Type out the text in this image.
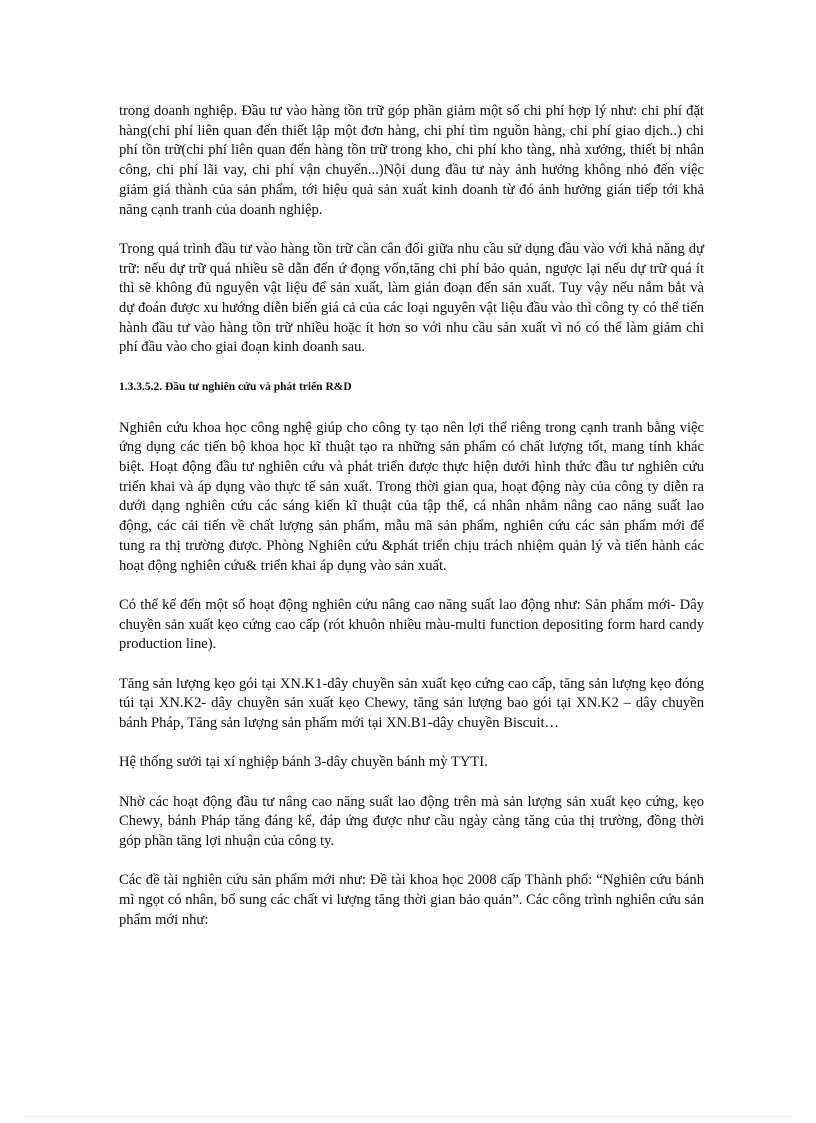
trong doanh nghiệp. Đầu tư vào hàng tồn trữ góp phần giảm một số chi phí hợp lý như: chi phí đặt hàng(chi phí liên quan đến thiết lập một đơn hàng, chi phí tìm nguồn hàng, chi phí giao dịch..) chi phí tồn trữ(chi phí liên quan đến hàng tồn trữ trong kho, chi phí kho tàng, nhà xưởng, thiết bị nhân công, chi phí lãi vay, chi phí vận chuyển...)Nội dung đầu tư này ảnh hưởng không nhỏ đến việc giảm giá thành của sản phẩm, tới hiệu quả sản xuất kinh doanh từ đó ảnh hưởng gián tiếp tới khả năng cạnh tranh của doanh nghiệp.

Trong quá trình đầu tư vào hàng tồn trữ cần cân đối giữa nhu cầu sử dụng đầu vào với khả năng dự trữ: nếu dự trữ quá nhiều sẽ dẫn đến ứ đọng vốn,tăng chi phí bảo quản, ngược lại nếu dự trữ quá ít thì sẽ không đủ nguyên vật liệu để sản xuất, làm gián đoạn đến sản xuất. Tuy vậy nếu nắm bắt và dự đoán được xu hướng diễn biến giá cả của các loại nguyên vật liệu đầu vào thì công ty có thể tiến hành đầu tư vào hàng tồn trữ nhiều hoặc ít hơn so với nhu cầu sản xuất vì nó có thể làm giảm chi phí đầu vào cho giai đoạn kinh doanh sau.

1.3.3.5.2. Đầu tư nghiên cứu và phát triển R&D

Nghiên cứu khoa học công nghệ giúp cho công ty tạo nên lợi thế riêng trong cạnh tranh bằng việc ứng dụng các tiến bộ khoa học kĩ thuật tạo ra những sản phẩm có chất lượng tốt, mang tính khác biệt. Hoạt động đầu tư nghiên cứu và phát triển được thực hiện dưới hình thức đầu tư nghiên cứu triển khai và áp dụng vào thực tế sản xuất. Trong thời gian qua, hoạt động này của công ty diễn ra dưới dạng nghiên cứu các sáng kiến kĩ thuật của tập thể, cá nhân nhằm nâng cao năng suất lao động, các cải tiến về chất lượng sản phẩm, mẫu mã sản phẩm, nghiên cứu các sản phẩm mới để tung ra thị trường được. Phòng Nghiên cứu &phát triển chịu trách nhiệm quản lý và tiến hành các hoạt động nghiên cứu& triển khai áp dụng vào sản xuất.

Có thể kể đến một số hoạt động nghiên cứu nâng cao năng suất lao động như: Sản phẩm mới- Dây chuyền sản xuất kẹo cứng cao cấp (rót khuôn nhiều màu-multi function depositing form hard candy production line).

Tăng sản lượng kẹo gói tại XN.K1-dây chuyền sản xuất kẹo cứng cao cấp, tăng sản lượng kẹo đóng túi tại XN.K2- dây chuyền sản xuất kẹo Chewy, tăng sản lượng bao gói tại XN.K2 – dây chuyền bánh Pháp, Tăng sản lượng sản phẩm mới tại XN.B1-dây chuyền Biscuit…

Hệ thống sưởi tại xí nghiệp bánh 3-dây chuyền bánh mỳ TYTI.

Nhờ các hoạt động đầu tư nâng cao năng suất lao động trên mà sản lượng sản xuất kẹo cứng, kẹo Chewy, bánh Pháp tăng đáng kể, đáp ứng được như cầu ngày càng tăng của thị trường, đồng thời góp phần tăng lợi nhuận của công ty.

Các đề tài nghiên cứu sản phẩm mới như: Đề tài khoa học 2008 cấp Thành phố: “Nghiên cứu bánh mì ngọt có nhân, bổ sung các chất vi lượng tăng thời gian bảo quản”. Các công trình nghiên cứu sản phẩm mới như:
